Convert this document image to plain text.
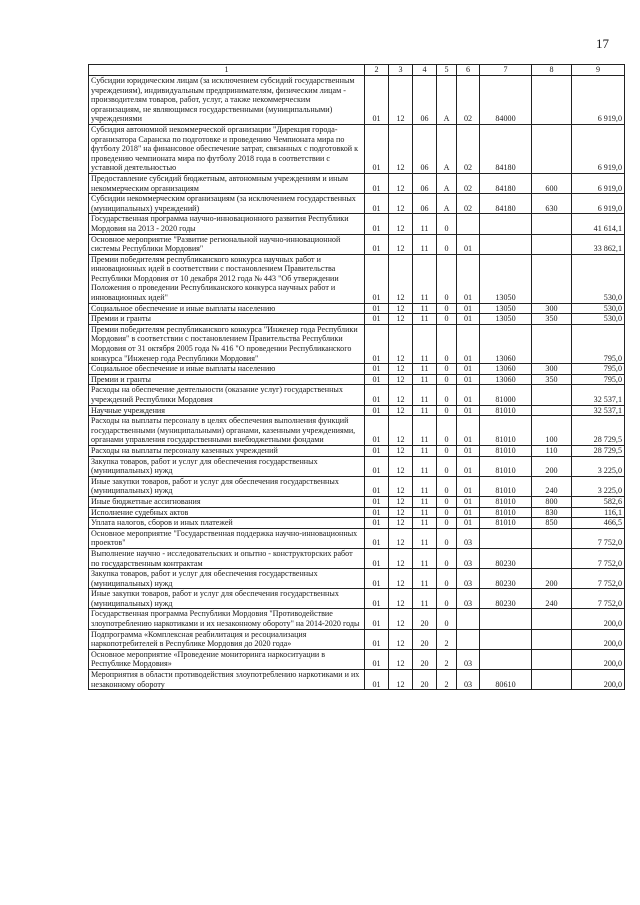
17
1	2	3	4	5	6	7	8	9
Субсидии юридическим лицам (за исключением субсидий государственным учреждениям), индивидуальным предпринимателям, физическим лицам - производителям товаров, работ, услуг, а также некоммерческим организациям, не являющимся государственными (муниципальными) учреждениями	01	12	06	А	02	84000		6 919,0
Субсидия автономной некоммерческой организации "Дирекция города-организатора Саранска по подготовке и проведению Чемпионата мира по футболу 2018" на финансовое обеспечение затрат, связанных с подготовкой к проведению чемпионата мира по футболу 2018 года в соответствии с уставной деятельностью	01	12	06	А	02	84180		6 919,0
Предоставление субсидий бюджетным, автономным учреждениям и иным некоммерческим организациям	01	12	06	А	02	84180	600	6 919,0
Субсидии некоммерческим организациям (за исключением государственных (муниципальных) учреждений)	01	12	06	А	02	84180	630	6 919,0
Государственная программа научно-инновационного развития Республики Мордовия на 2013 - 2020 годы	01	12	11	0				41 614,1
Основное мероприятие "Развитие региональной научно-инновационной системы Республики Мордовия"	01	12	11	0	01			33 862,1
Премии победителям республиканского конкурса научных работ и инновационных идей в соответствии с постановлением Правительства Республики Мордовия от 10 декабря 2012 года № 443 "Об утверждении Положения о проведении Республиканского конкурса научных работ и инновационных идей"	01	12	11	0	01	13050		530,0
Социальное обеспечение и иные выплаты населению	01	12	11	0	01	13050	300	530,0
Премии и гранты	01	12	11	0	01	13050	350	530,0
Премии победителям республиканского конкурса "Инженер года Республики Мордовия" в соответствии с постановлением Правительства Республики Мордовия от 31 октября 2005 года № 416 "О проведении Республиканского конкурса "Инженер года Республики Мордовия"	01	12	11	0	01	13060		795,0
Социальное обеспечение и иные выплаты населению	01	12	11	0	01	13060	300	795,0
Премии и гранты	01	12	11	0	01	13060	350	795,0
Расходы на обеспечение деятельности (оказание услуг) государственных учреждений Республики Мордовия	01	12	11	0	01	81000		32 537,1
Научные учреждения	01	12	11	0	01	81010		32 537,1
Расходы на выплаты персоналу в целях обеспечения выполнения функций государственными (муниципальными) органами, казенными учреждениями, органами управления государственными внебюджетными фондами	01	12	11	0	01	81010	100	28 729,5
Расходы на выплаты персоналу казенных учреждений	01	12	11	0	01	81010	110	28 729,5
Закупка товаров, работ и услуг для обеспечения государственных (муниципальных) нужд	01	12	11	0	01	81010	200	3 225,0
Иные закупки товаров, работ и услуг для обеспечения государственных (муниципальных) нужд	01	12	11	0	01	81010	240	3 225,0
Иные бюджетные ассигнования	01	12	11	0	01	81010	800	582,6
Исполнение судебных актов	01	12	11	0	01	81010	830	116,1
Уплата налогов, сборов и иных платежей	01	12	11	0	01	81010	850	466,5
Основное мероприятие "Государственная поддержка научно-инновационных проектов"	01	12	11	0	03			7 752,0
Выполнение научно - исследовательских и опытно - конструкторских работ по государственным контрактам	01	12	11	0	03	80230		7 752,0
Закупка товаров, работ и услуг для обеспечения государственных (муниципальных) нужд	01	12	11	0	03	80230	200	7 752,0
Иные закупки товаров, работ и услуг для обеспечения государственных (муниципальных) нужд	01	12	11	0	03	80230	240	7 752,0
Государственная программа Республики Мордовия "Противодействие злоупотреблению наркотиками и их незаконному обороту" на 2014-2020 годы	01	12	20	0				200,0
Подпрограмма «Комплексная реабилитация и ресоциализация наркопотребителей в Республике Мордовия до 2020 года»	01	12	20	2				200,0
Основное мероприятие «Проведение мониторинга наркоситуации в Республике Мордовия»	01	12	20	2	03			200,0
Мероприятия в области противодействия злоупотреблению наркотиками и их незаконному обороту	01	12	20	2	03	80610		200,0
